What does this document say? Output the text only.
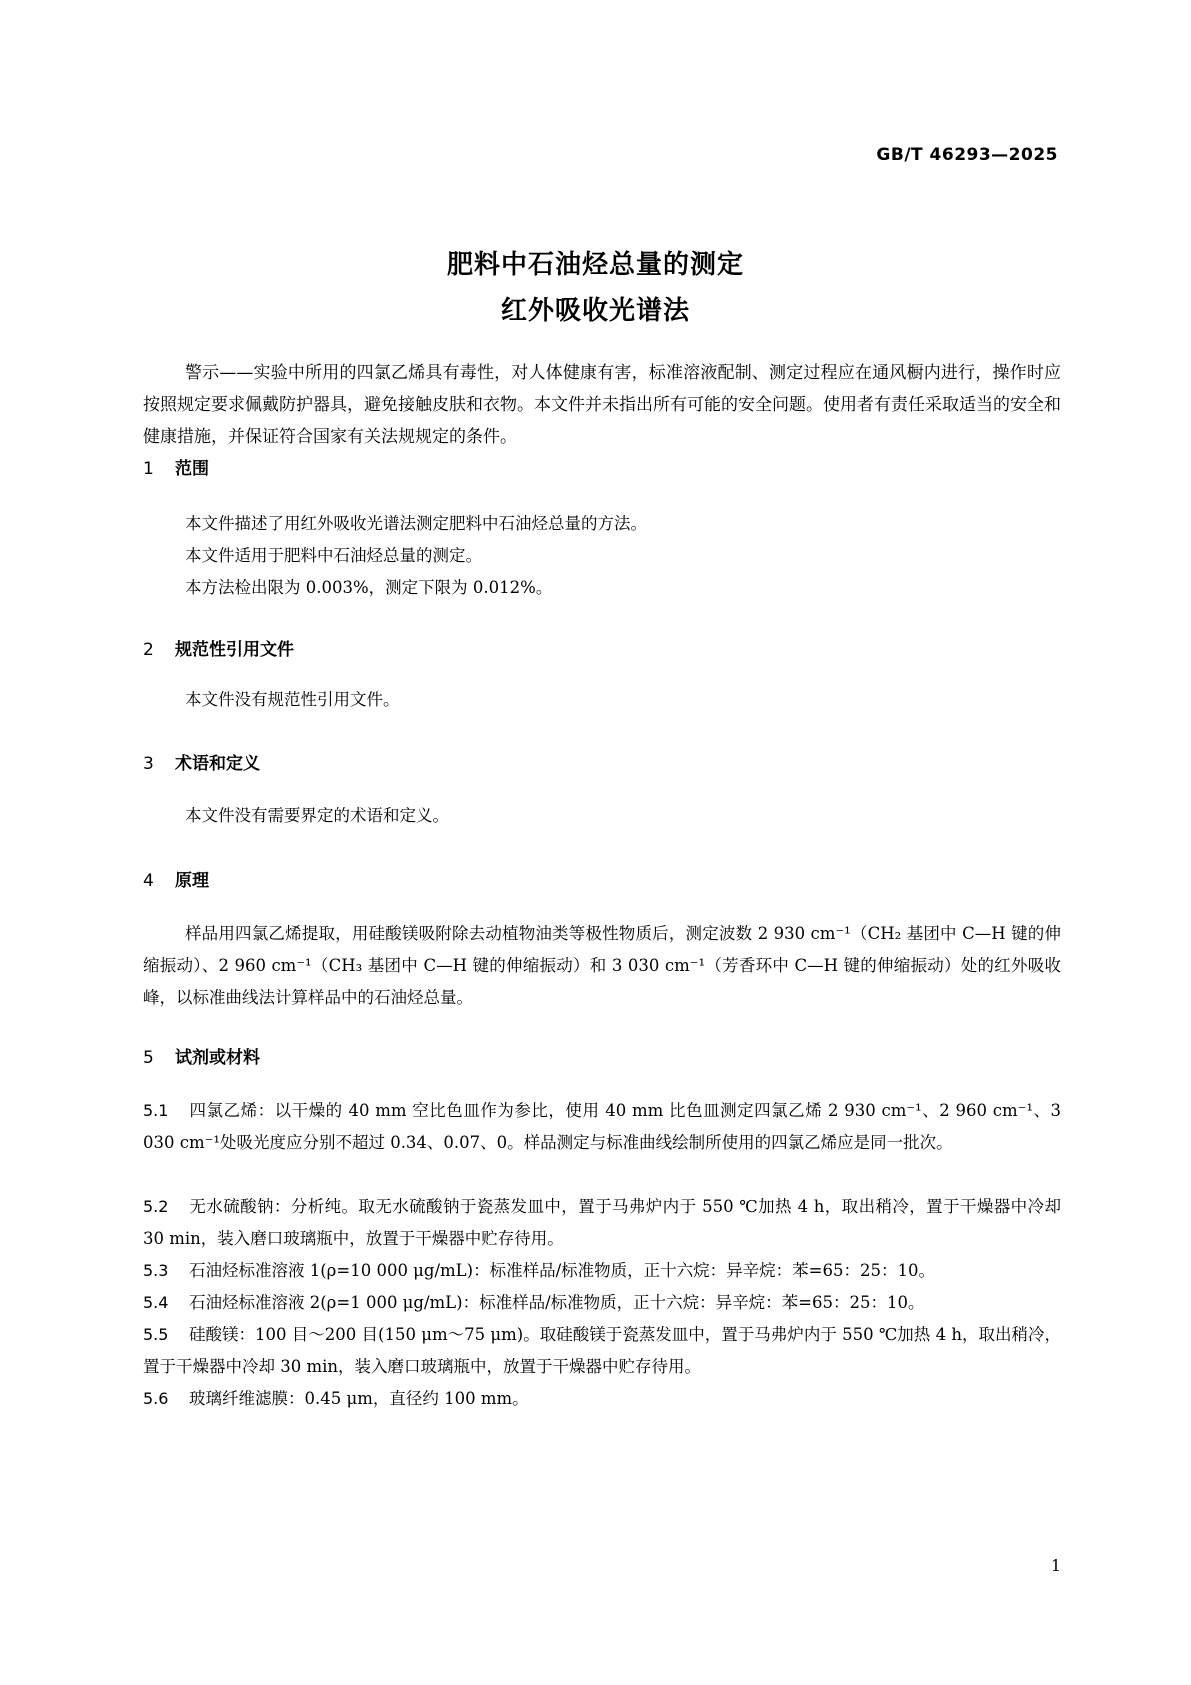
GB/T 46293—2025
肥料中石油烃总量的测定
红外吸收光谱法

警示——实验中所用的四氯乙烯具有毒性，对人体健康有害，标准溶液配制、测定过程应在通风橱内进行，操作时应按照规定要求佩戴防护器具，避免接触皮肤和衣物。本文件并未指出所有可能的安全问题。使用者有责任采取适当的安全和健康措施，并保证符合国家有关法规规定的条件。

1 范围

本文件描述了用红外吸收光谱法测定肥料中石油烃总量的方法。

本文件适用于肥料中石油烃总量的测定。

本方法检出限为 0.003%，测定下限为 0.012%。

2 规范性引用文件

本文件没有规范性引用文件。

3 术语和定义

本文件没有需要界定的术语和定义。

4 原理

样品用四氯乙烯提取，用硅酸镁吸附除去动植物油类等极性物质后，测定波数 2 930 cm⁻¹（CH₂ 基团中 C—H 键的伸缩振动）、2 960 cm⁻¹（CH₃ 基团中 C—H 键的伸缩振动）和 3 030 cm⁻¹（芳香环中 C—H 键的伸缩振动）处的红外吸收峰，以标准曲线法计算样品中的石油烃总量。

5 试剂或材料

5.1 四氯乙烯：以干燥的 40 mm 空比色皿作为参比，使用 40 mm 比色皿测定四氯乙烯 2 930 cm⁻¹、2 960 cm⁻¹、3 030 cm⁻¹处吸光度应分别不超过 0.34、0.07、0。样品测定与标准曲线绘制所使用的四氯乙烯应是同一批次。

5.2 无水硫酸钠：分析纯。取无水硫酸钠于瓷蒸发皿中，置于马弗炉内于 550 ℃加热 4 h，取出稍冷，置于干燥器中冷却 30 min，装入磨口玻璃瓶中，放置于干燥器中贮存待用。

5.3 石油烃标准溶液 1(ρ=10 000 μg/mL)：标准样品/标准物质，正十六烷：异辛烷：苯=65：25：10。

5.4 石油烃标准溶液 2(ρ=1 000 μg/mL)：标准样品/标准物质，正十六烷：异辛烷：苯=65：25：10。

5.5 硅酸镁：100 目～200 目(150 μm～75 μm)。取硅酸镁于瓷蒸发皿中，置于马弗炉内于 550 ℃加热 4 h，取出稍冷，置于干燥器中冷却 30 min，装入磨口玻璃瓶中，放置于干燥器中贮存待用。

5.6 玻璃纤维滤膜：0.45 μm，直径约 100 mm。

1
